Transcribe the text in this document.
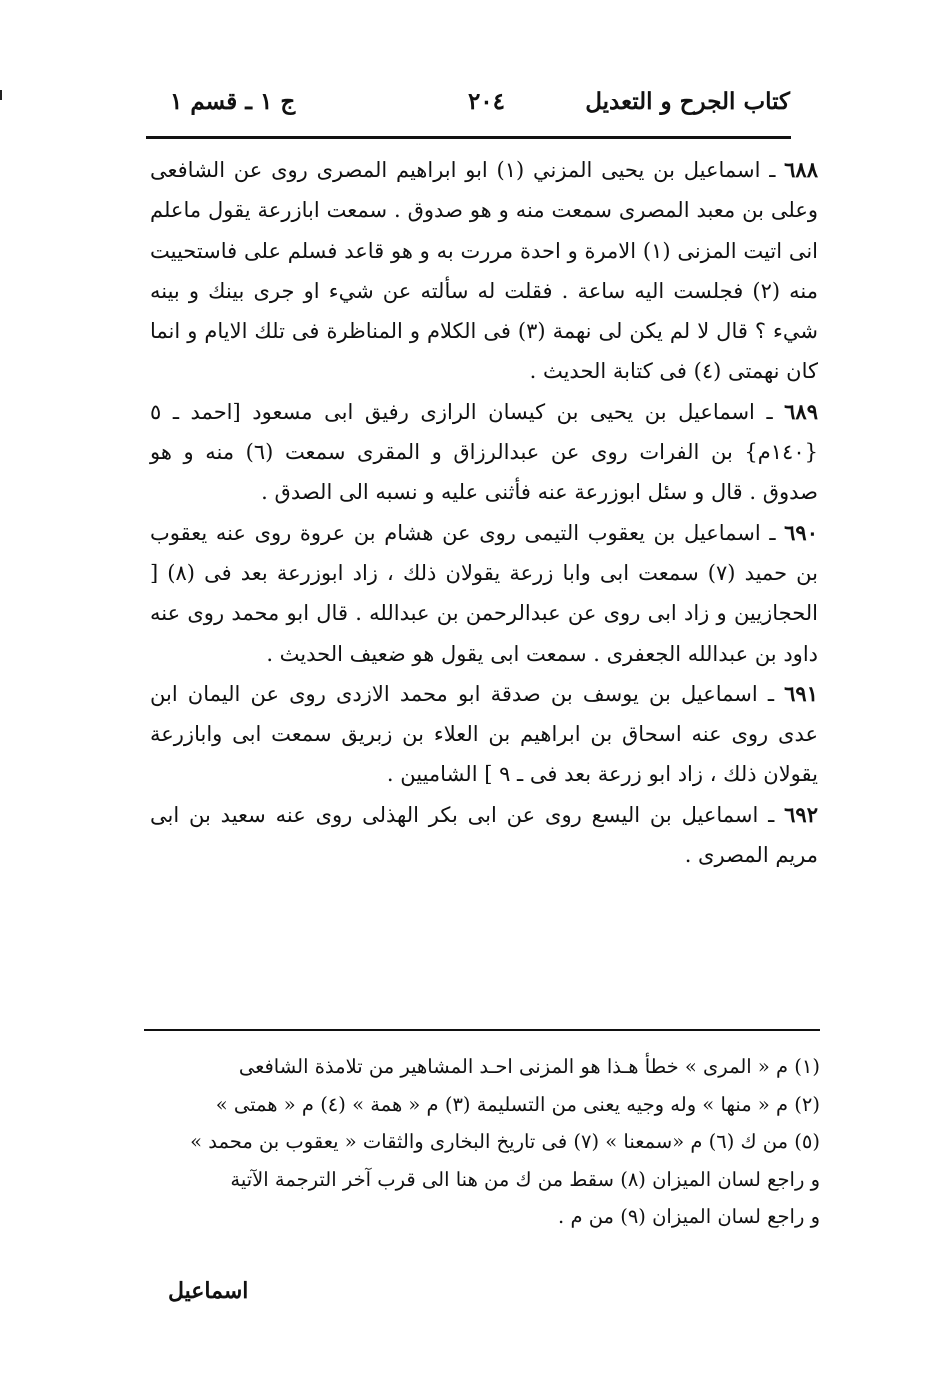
كتاب الجرح و التعديل
٢٠٤
ج ١ ـ قسم ١

٦٨٨ ـ اسماعيل بن يحيى المزني (١) ابو ابراهيم المصرى روى عن الشافعى وعلى بن معبد المصرى سمعت منه و هو صدوق . سمعت ابازرعة يقول ماعلم انى اتيت المزنى (١) الامرة و احدة مررت به و هو قاعد فسلم على فاستحييت منه (٢) فجلست اليه ساعة . فقلت له سألته عن شيء او جرى بينك و بينه شيء ؟ قال لا لم يكن لى نهمة (٣) فى الكلام و المناظرة فى تلك الايام و انما كان نهمتى (٤) فى كتابة الحديث .

٦٨٩ ـ اسماعيل بن يحيى بن كيسان الرازى رفيق ابى مسعود [احمد ـ ٥ {١٤٠م} بن الفرات روى عن عبدالرزاق و المقرى سمعت (٦) منه و هو صدوق . قال و سئل ابوزرعة عنه فأثنى عليه و نسبه الى الصدق .

٦٩٠ ـ اسماعيل بن يعقوب التيمى روى عن هشام بن عروة روى عنه يعقوب بن حميد (٧) سمعت ابى وابا زرعة يقولان ذلك ، زاد ابوزرعة بعد فى (٨) [ الحجازيين و زاد ابى روى عن عبدالرحمن بن عبدالله . قال ابو محمد روى عنه داود بن عبدالله الجعفرى . سمعت ابى يقول هو ضعيف الحديث .

٦٩١ ـ اسماعيل بن يوسف بن صدقة ابو محمد الازدى روى عن اليمان ابن عدى روى عنه اسحاق بن ابراهيم بن العلاء بن زبريق سمعت ابى وابازرعة يقولان ذلك ، زاد ابو زرعة بعد فى ـ ٩ ] الشاميين .

٦٩٢ ـ اسماعيل بن اليسع روى عن ابى بكر الهذلى روى عنه سعيد بن ابى مريم المصرى .

(١) م « المرى » خطأ هـذا هو المزنى احـد المشاهير من تلامذة الشافعى
(٢) م « منها » وله وجيه يعنى من التسليمة (٣) م « همة » (٤) م « همتى »
(٥) من ك (٦) م «سمعنا » (٧) فى تاريخ البخارى والثقات « يعقوب بن محمد »
و راجع لسان الميزان (٨) سقط من ك من هنا الى قرب آخر الترجمة الآتية
و راجع لسان الميزان (٩) من م .
اسماعيل
